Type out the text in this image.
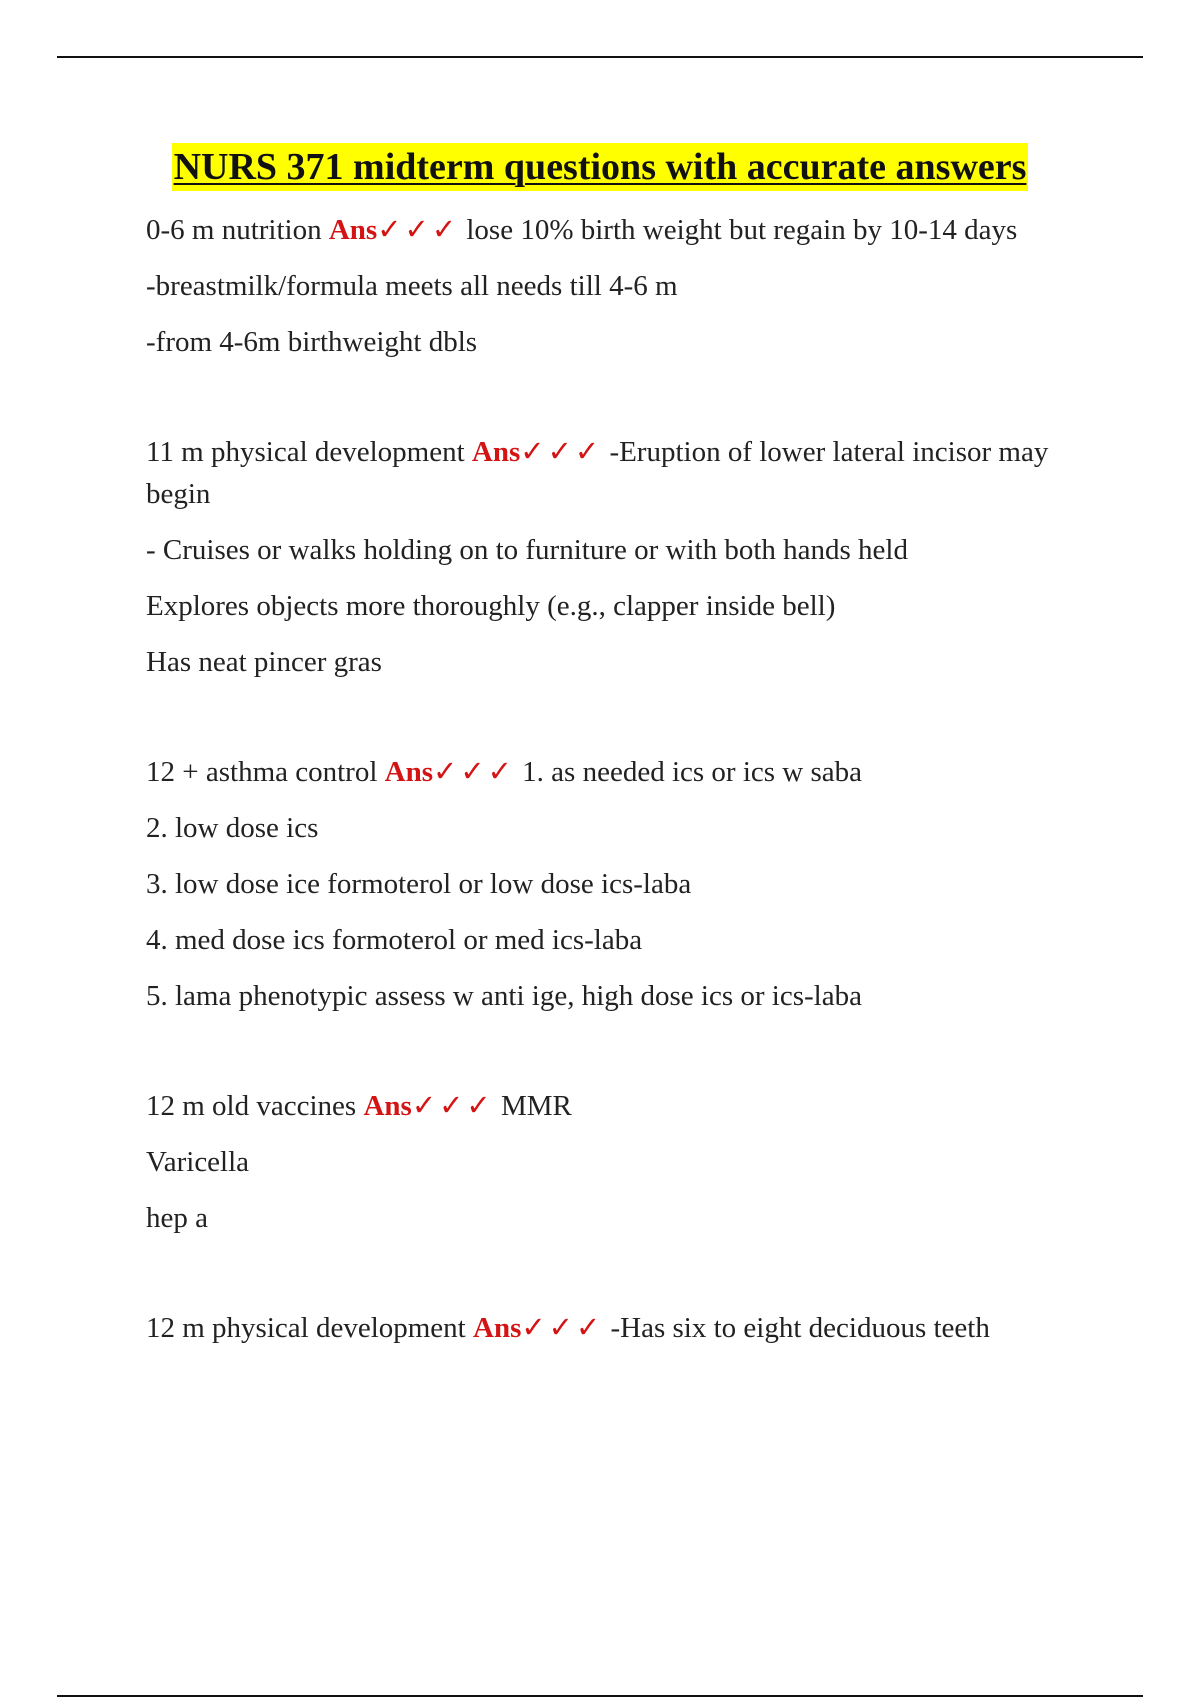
NURS 371 midterm questions with accurate answers

0-6 m nutrition Ans✓✓✓ lose 10% birth weight but regain by 10-14 days

-breastmilk/formula meets all needs till 4-6 m

-from 4-6m birthweight dbls

11 m physical development Ans✓✓✓ -Eruption of lower lateral incisor may begin

- Cruises or walks holding on to furniture or with both hands held

Explores objects more thoroughly (e.g., clapper inside bell)

Has neat pincer gras

12 + asthma control Ans✓✓✓ 1. as needed ics or ics w saba

2. low dose ics

3. low dose ice formoterol or low dose ics-laba

4. med dose ics formoterol or med ics-laba

5. lama phenotypic assess w anti ige, high dose ics or ics-laba

12 m old vaccines Ans✓✓✓ MMR

Varicella

hep a

12 m physical development Ans✓✓✓ -Has six to eight deciduous teeth
